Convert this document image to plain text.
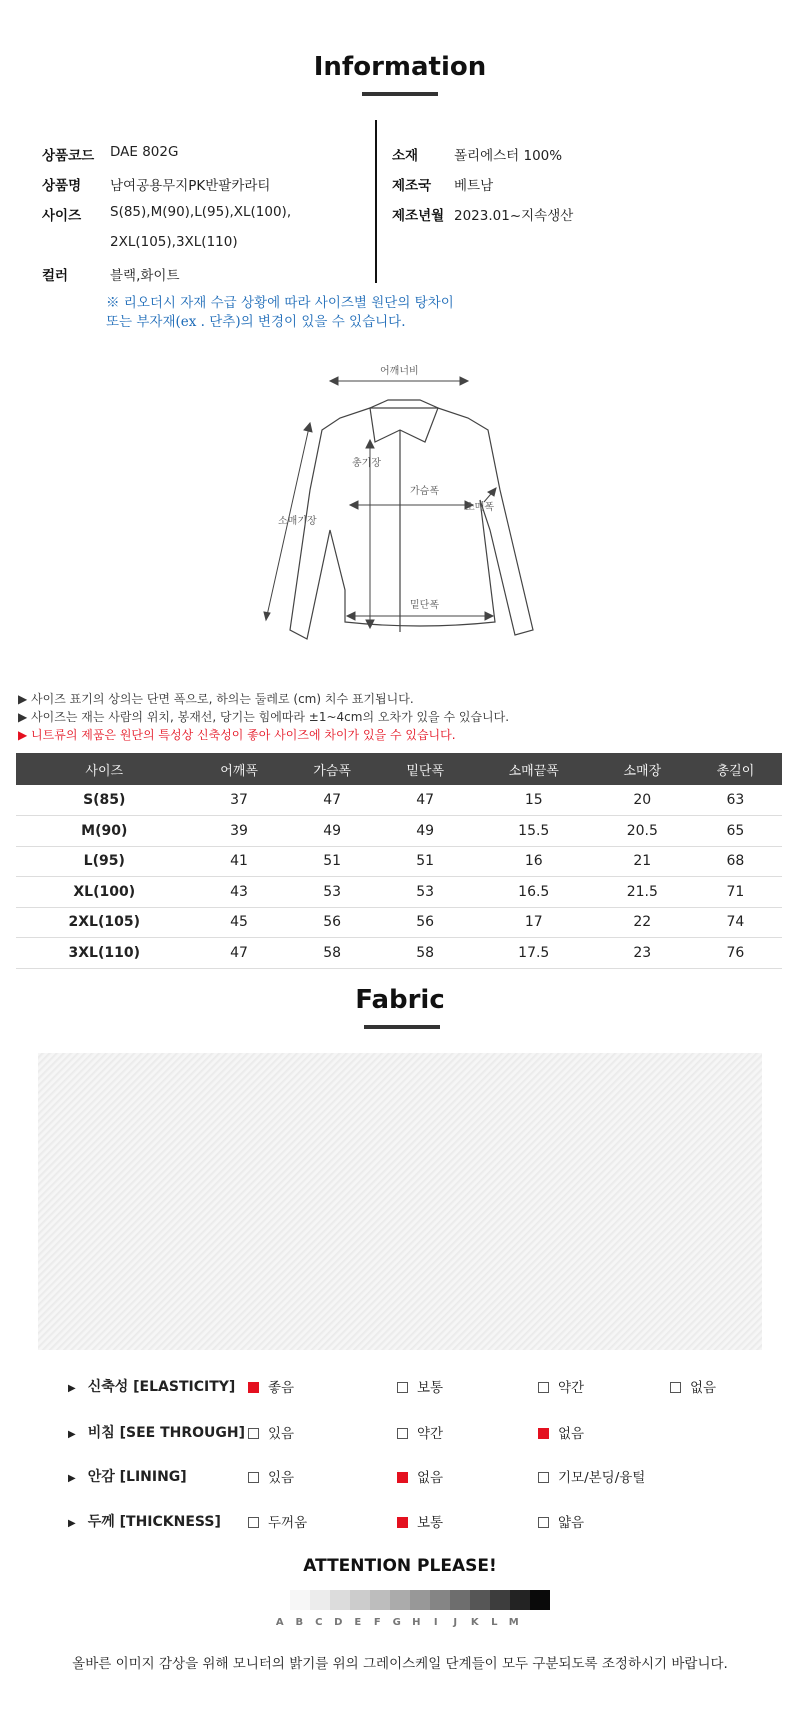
Information
상품코드 DAE 802G
상품명 남여공용무지PK반팔카라티
사이즈 S(85),M(90),L(95),XL(100),
2XL(105),3XL(110)
컬러	블랙,화이트
소재	폴리에스터 100%
제조국 베트남
제조년월 2023.01~지속생산
※ 리오더시 자재 수급 상황에 따라 사이즈별 원단의 탕차이
또는 부자재(ex . 단추)의 변경이 있을 수 있습니다.
어깨너비
총기장
가슴폭
소매폭
소매기장
밑단폭
▶ 사이즈 표기의 상의는 단면 폭으로, 하의는 둘레로 (cm) 치수 표기됩니다.
▶ 사이즈는 재는 사람의 위치, 봉재선, 당기는 힘에따라 ±1~4cm의 오차가 있을 수 있습니다.
▶ 니트류의 제품은 원단의 특성상 신축성이 좋아 사이즈에 차이가 있을 수 있습니다.
사이즈	어깨폭	가슴폭	밑단폭	소매끝폭	소매장	총길이
S(85)	37	47	47	15	20	63
M(90)	39	49	49	15.5	20.5	65
L(95)	41	51	51	16	21	68
XL(100)	43	53	53	16.5	21.5	71
2XL(105)	45	56	56	17	22	74
3XL(110)	47	58	58	17.5	23	76
Fabric
▶ 신축성 [ELASTICITY]	좋음	보통	약간	없음
▶ 비침 [SEE THROUGH]	있음	약간	없음
▶ 안감 [LINING]	있음	없음	기모/본딩/융털
▶ 두께 [THICKNESS]	두꺼움	보통	얇음
ATTENTION PLEASE!
A	B	C	D	E	F	G	H	I	J	K	L	M
올바른 이미지 감상을 위해 모니터의 밝기를 위의 그레이스케일 단계들이 모두 구분되도록 조정하시기 바랍니다.
